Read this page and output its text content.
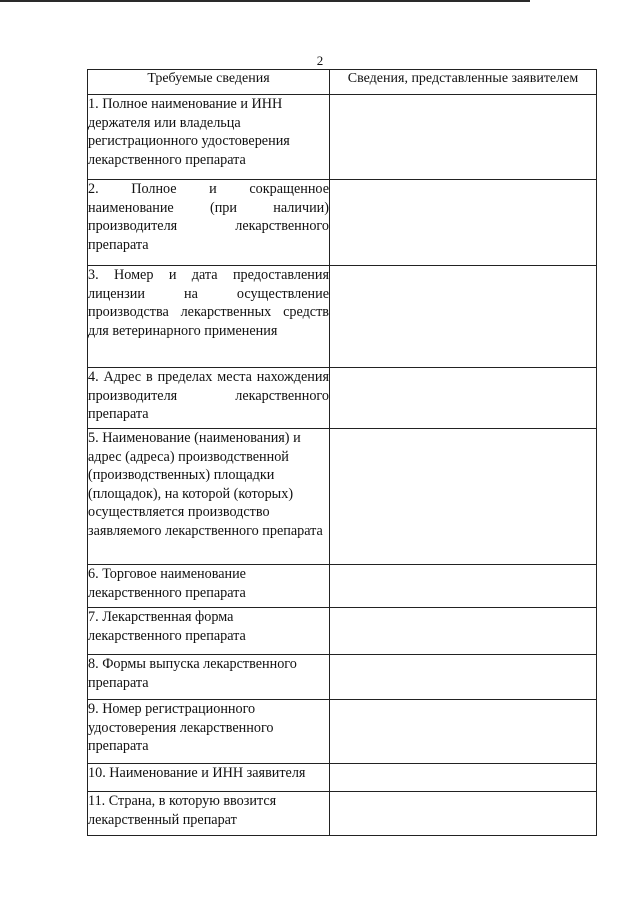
2
Требуемые сведения	Сведения, представленные заявителем
1. Полное наименование и ИНН держателя или владельца регистрационного удостоверения лекарственного препарата	
2. Полное и сокращенное наименование (при наличии) производителя лекарственного препарата	
3. Номер и дата предоставления лицензии на осуществление производства лекарственных средств для ветеринарного применения	
4. Адрес в пределах места нахождения производителя лекарственного препарата	
5. Наименование (наименования) и адрес (адреса) производственной (производственных) площадки (площадок), на которой (которых) осуществляется производство заявляемого лекарственного препарата	
6. Торговое наименование лекарственного препарата	
7. Лекарственная форма лекарственного препарата	
8. Формы выпуска лекарственного препарата	
9. Номер регистрационного удостоверения лекарственного препарата	
10. Наименование и ИНН заявителя	
11. Страна, в которую ввозится лекарственный препарат	
